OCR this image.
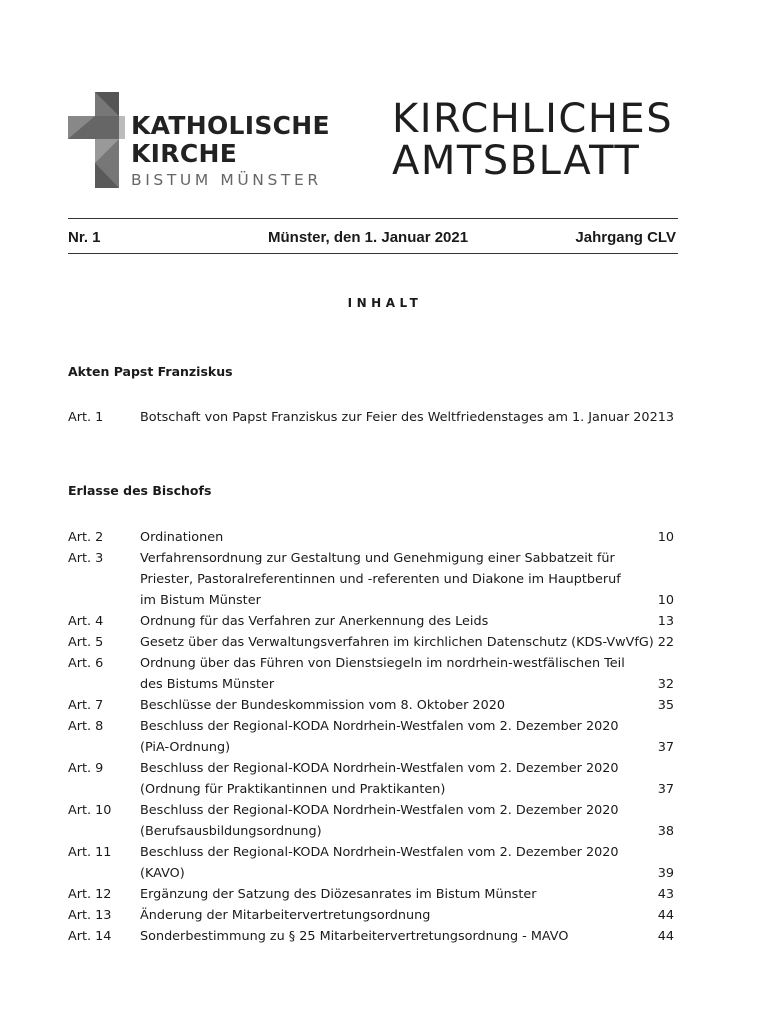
KATHOLISCHE
KIRCHE
BISTUM MÜNSTER
KIRCHLICHES
AMTSBLATT
Nr. 1	Münster, den 1. Januar 2021	Jahrgang CLV
INHALT
Akten Papst Franziskus
Art. 1	Botschaft von Papst Franziskus zur Feier des Weltfriedenstages am 1. Januar 2021 3
Erlasse des Bischofs
Art. 2	Ordinationen	10
Art. 3	Verfahrensordnung zur Gestaltung und Genehmigung einer Sabbatzeit für
Priester, Pastoralreferentinnen und -referenten und Diakone im Hauptberuf
im Bistum Münster	10
Art. 4	Ordnung für das Verfahren zur Anerkennung des Leids	13
Art. 5	Gesetz über das Verwaltungsverfahren im kirchlichen Datenschutz (KDS-VwVfG) 22
Art. 6	Ordnung über das Führen von Dienstsiegeln im nordrhein-westfälischen Teil
des Bistums Münster	32
Art. 7	Beschlüsse der Bundeskommission vom 8. Oktober 2020	35
Art. 8	Beschluss der Regional-KODA Nordrhein-Westfalen vom 2. Dezember 2020
(PiA-Ordnung)	37
Art. 9	Beschluss der Regional-KODA Nordrhein-Westfalen vom 2. Dezember 2020
(Ordnung für Praktikantinnen und Praktikanten)	37
Art. 10 Beschluss der Regional-KODA Nordrhein-Westfalen vom 2. Dezember 2020
(Berufsausbildungsordnung)	38
Art. 11 Beschluss der Regional-KODA Nordrhein-Westfalen vom 2. Dezember 2020
(KAVO)	39
Art. 12 Ergänzung der Satzung des Diözesanrates im Bistum Münster	43
Art. 13 Änderung der Mitarbeitervertretungsordnung	44
Art. 14 Sonderbestimmung zu § 25 Mitarbeitervertretungsordnung - MAVO	44
